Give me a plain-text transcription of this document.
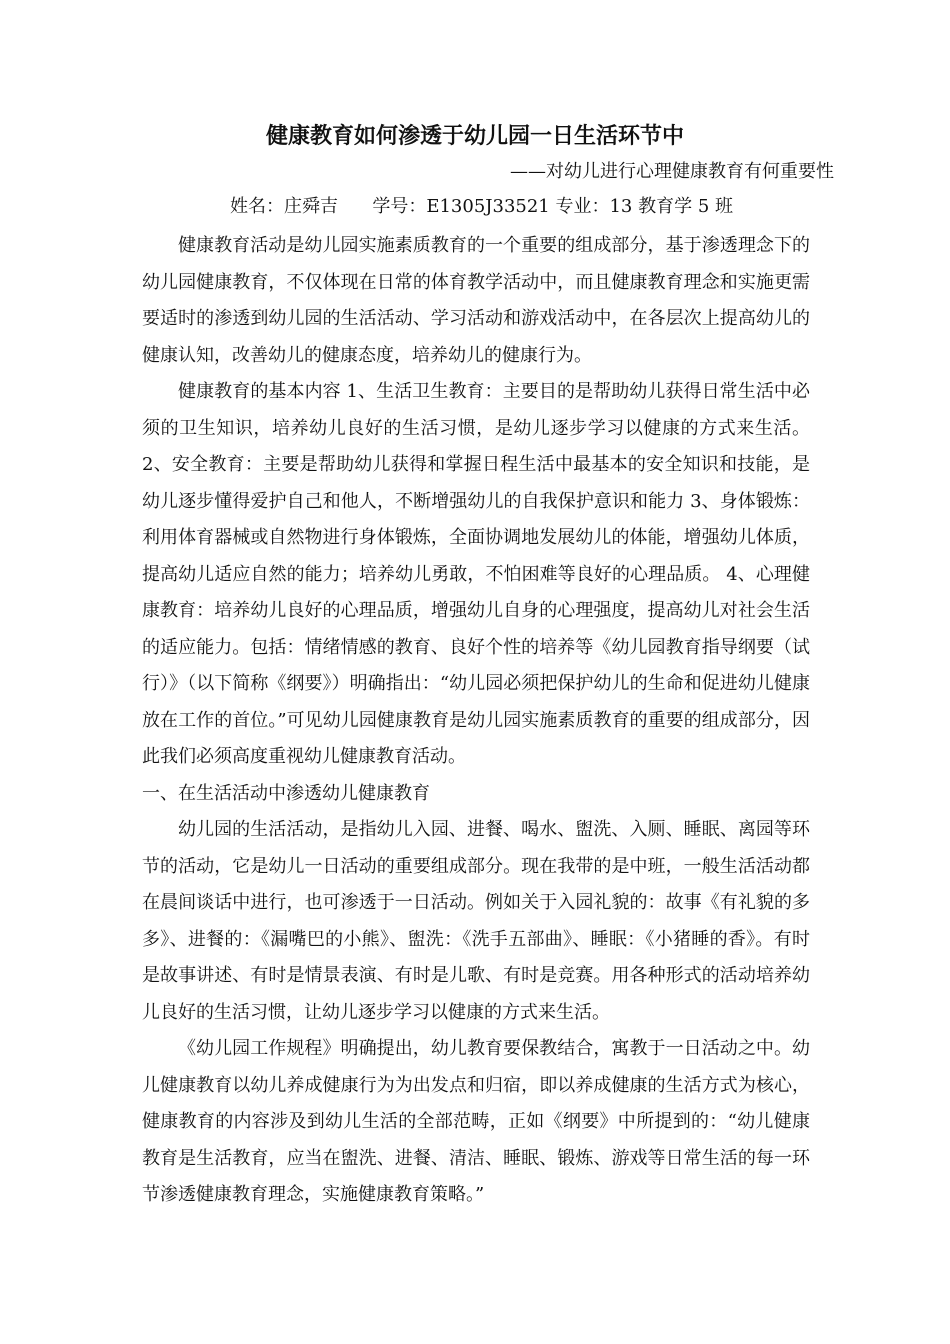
健康教育如何渗透于幼儿园一日生活环节中
——对幼儿进行心理健康教育有何重要性
姓名：庄舜吉      学号：E1305J33521 专业：13 教育学 5 班

健康教育活动是幼儿园实施素质教育的一个重要的组成部分，基于渗透理念下的幼儿园健康教育，不仅体现在日常的体育教学活动中，而且健康教育理念和实施更需要适时的渗透到幼儿园的生活活动、学习活动和游戏活动中，在各层次上提高幼儿的健康认知，改善幼儿的健康态度，培养幼儿的健康行为。

健康教育的基本内容 1、生活卫生教育：主要目的是帮助幼儿获得日常生活中必须的卫生知识，培养幼儿良好的生活习惯，是幼儿逐步学习以健康的方式来生活。 2、安全教育：主要是帮助幼儿获得和掌握日程生活中最基本的安全知识和技能，是幼儿逐步懂得爱护自己和他人，不断增强幼儿的自我保护意识和能力 3、身体锻炼：利用体育器械或自然物进行身体锻炼，全面协调地发展幼儿的体能，增强幼儿体质，提高幼儿适应自然的能力；培养幼儿勇敢，不怕困难等良好的心理品质。 4、心理健康教育：培养幼儿良好的心理品质，增强幼儿自身的心理强度，提高幼儿对社会生活的适应能力。包括：情绪情感的教育、良好个性的培养等《幼儿园教育指导纲要（试行）》（以下简称《纲要》）明确指出：“幼儿园必须把保护幼儿的生命和促进幼儿健康放在工作的首位。”可见幼儿园健康教育是幼儿园实施素质教育的重要的组成部分，因此我们必须高度重视幼儿健康教育活动。

一、在生活活动中渗透幼儿健康教育

幼儿园的生活活动，是指幼儿入园、进餐、喝水、盥洗、入厕、睡眠、离园等环节的活动，它是幼儿一日活动的重要组成部分。现在我带的是中班，一般生活活动都在晨间谈话中进行，也可渗透于一日活动。例如关于入园礼貌的：故事《有礼貌的多多》、进餐的：《漏嘴巴的小熊》、盥洗：《洗手五部曲》、睡眠：《小猪睡的香》。有时是故事讲述、有时是情景表演、有时是儿歌、有时是竞赛。用各种形式的活动培养幼儿良好的生活习惯，让幼儿逐步学习以健康的方式来生活。

《幼儿园工作规程》明确提出，幼儿教育要保教结合，寓教于一日活动之中。幼儿健康教育以幼儿养成健康行为为出发点和归宿，即以养成健康的生活方式为核心，健康教育的内容涉及到幼儿生活的全部范畴，正如《纲要》中所提到的：“幼儿健康教育是生活教育，应当在盥洗、进餐、清洁、睡眠、锻炼、游戏等日常生活的每一环节渗透健康教育理念，实施健康教育策略。”
